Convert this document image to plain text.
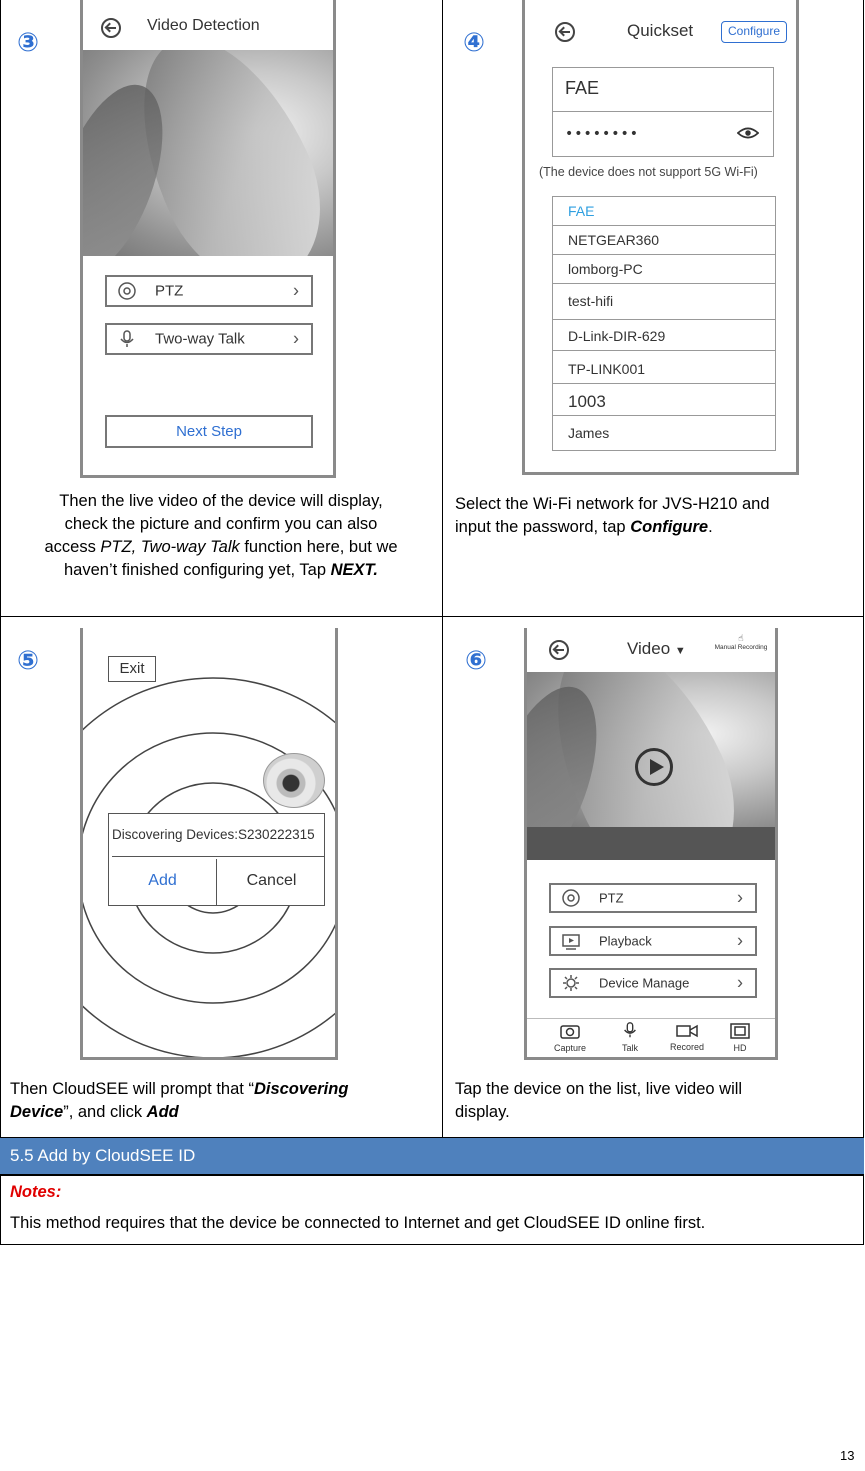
③
Video Detection
PTZ	›
Two-way Talk	›
Next Step
Then the live video of the device will display,
check the picture and confirm you can also
access PTZ, Two-way Talk function here, but we
haven’t finished configuring yet, Tap NEXT.
④	Quickset	Configure
FAE
••••••••
(The device does not support 5G Wi-Fi)
FAE
NETGEAR360
lomborg-PC
test-hifi
D-Link-DIR-629
TP-LINK001
1003
James
Select the Wi-Fi network for JVS-H210 and
input the password, tap Configure.
⑤	Exit
Discovering Devices:S230222315
Add	Cancel
Then CloudSEE will prompt that “Discovering
Device”, and click Add
⑥	Video ▼
☝
Manual Recording
PTZ	›
Playback	›
Device Manage	›
Capture	Talk	Recored	HD
Tap the device on the list, live video will
display.
5.5 Add by CloudSEE ID
Notes:
This method requires that the device be connected to Internet and get CloudSEE ID online first.
13
